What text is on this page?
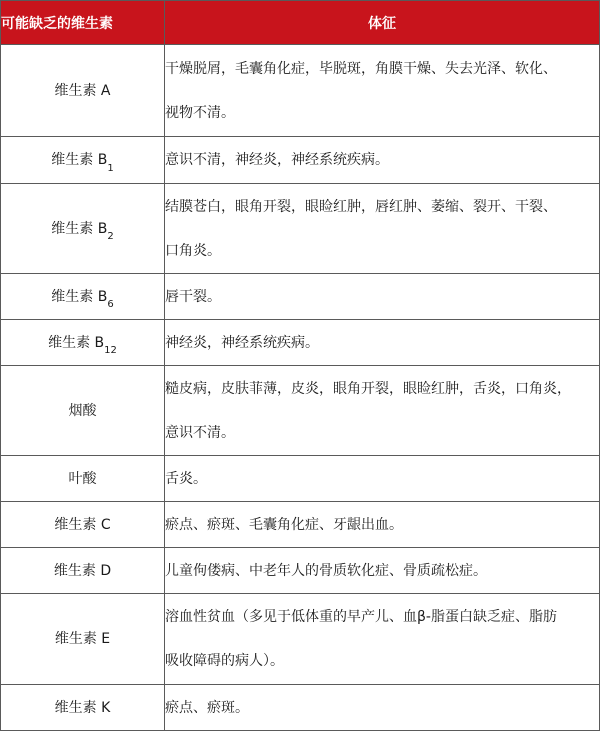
可能缺乏的维生素	体征
维生素 A	干燥脱屑，毛囊角化症，毕脱斑，角膜干燥、失去光泽、软化、
视物不清。

维生素 $B_1$	意识不清，神经炎，神经系统疾病。

维生素 $B_2$	结膜苍白，眼角开裂，眼睑红肿，唇红肿、萎缩、裂开、干裂、
口角炎。

维生素 $B_6$	唇干裂。

维生素 $B_{12}$	神经炎，神经系统疾病。

烟酸	糙皮病，皮肤菲薄，皮炎，眼角开裂，眼睑红肿，舌炎，口角炎，
意识不清。

叶酸	舌炎。

维生素 C	瘀点、瘀斑、毛囊角化症、牙龈出血。

维生素 D	儿童佝偻病、中老年人的骨质软化症、骨质疏松症。

维生素 E	溶血性贫血（多见于低体重的早产儿、血β-脂蛋白缺乏症、脂肪
吸收障碍的病人）。

维生素 K	瘀点、瘀斑。
